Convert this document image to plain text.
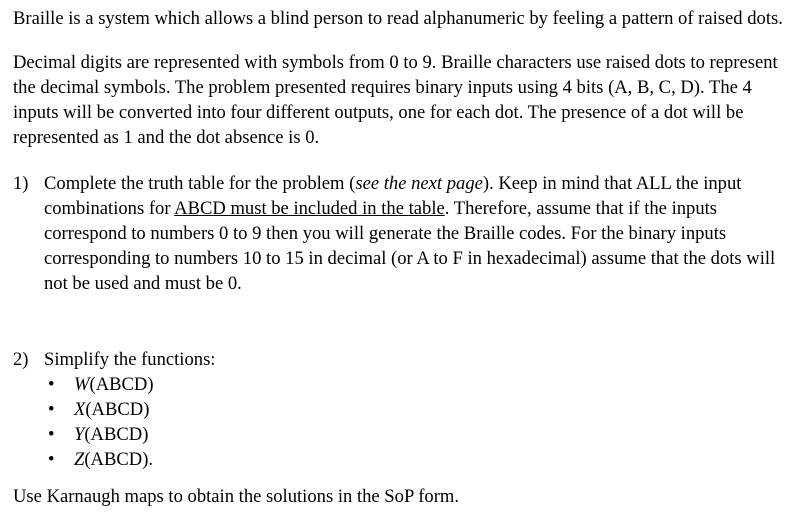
Braille is a system which allows a blind person to read alphanumeric by feeling a pattern of raised dots.

Decimal digits are represented with symbols from 0 to 9. Braille characters use raised dots to represent the decimal symbols. The problem presented requires binary inputs using 4 bits (A, B, C, D). The 4 inputs will be converted into four different outputs, one for each dot. The presence of a dot will be represented as 1 and the dot absence is 0.

1) Complete the truth table for the problem (see the next page). Keep in mind that ALL the input combinations for ABCD must be included in the table. Therefore, assume that if the inputs correspond to numbers 0 to 9 then you will generate the Braille codes. For the binary inputs corresponding to numbers 10 to 15 in decimal (or A to F in hexadecimal) assume that the dots will not be used and must be 0.
2) Simplify the functions:
• W(ABCD)
• X(ABCD)
• Y(ABCD)
• Z(ABCD).

Use Karnaugh maps to obtain the solutions in the SoP form.
